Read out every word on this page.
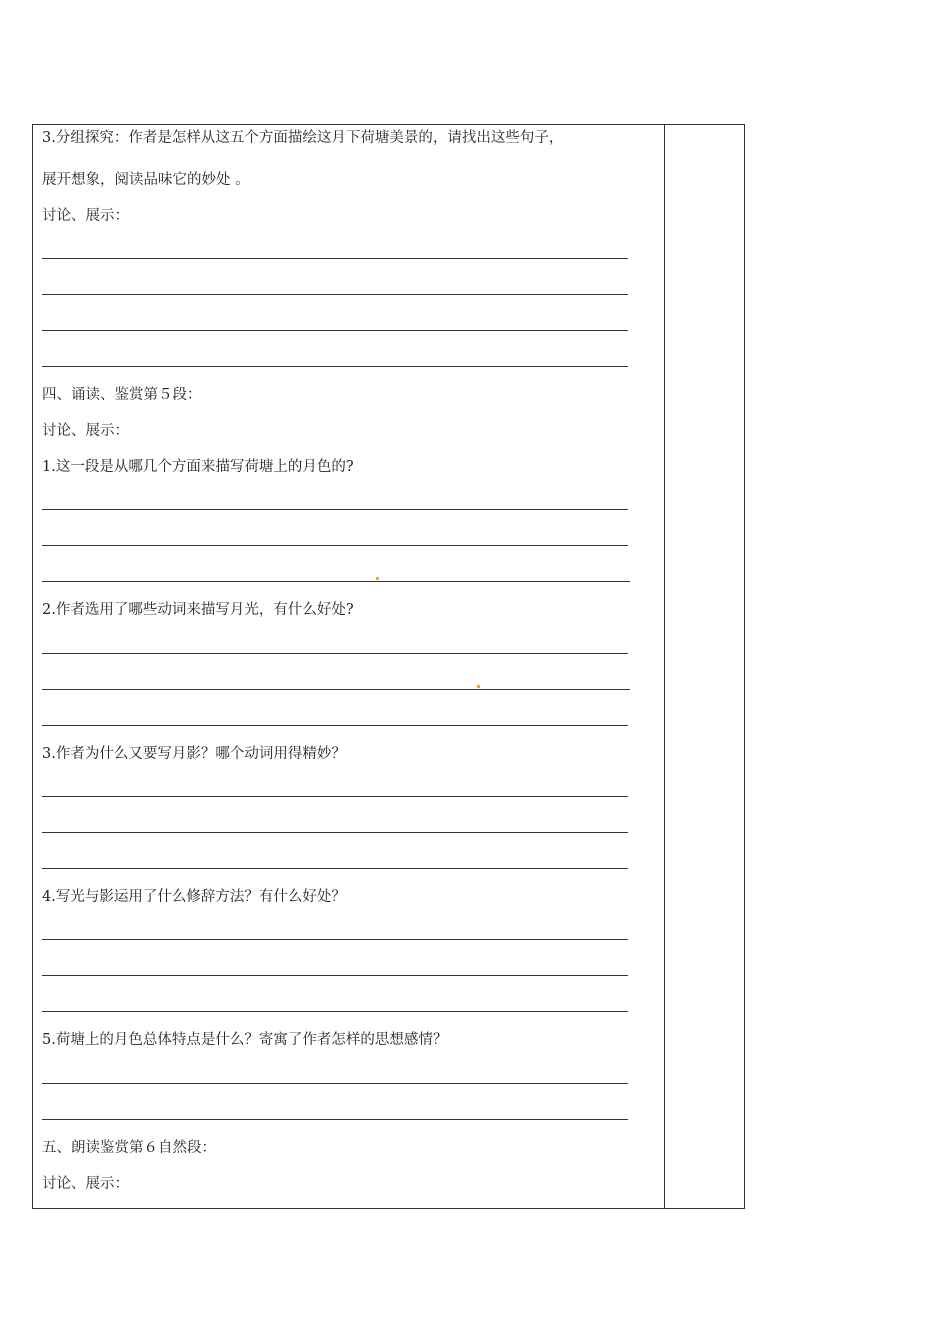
3.分组探究：作者是怎样从这五个方面描绘这月下荷塘美景的，请找出这些句子，
展开想象，阅读品味它的妙处 。
讨论、展示：
四、诵读、鉴赏第５段：
讨论、展示：
1.这一段是从哪几个方面来描写荷塘上的月色的?
2.作者选用了哪些动词来描写月光，有什么好处?
3.作者为什么又要写月影？哪个动词用得精妙？
4.写光与影运用了什么修辞方法？有什么好处？
5.荷塘上的月色总体特点是什么？寄寓了作者怎样的思想感情？
五、朗读鉴赏第６自然段：
讨论、展示：
